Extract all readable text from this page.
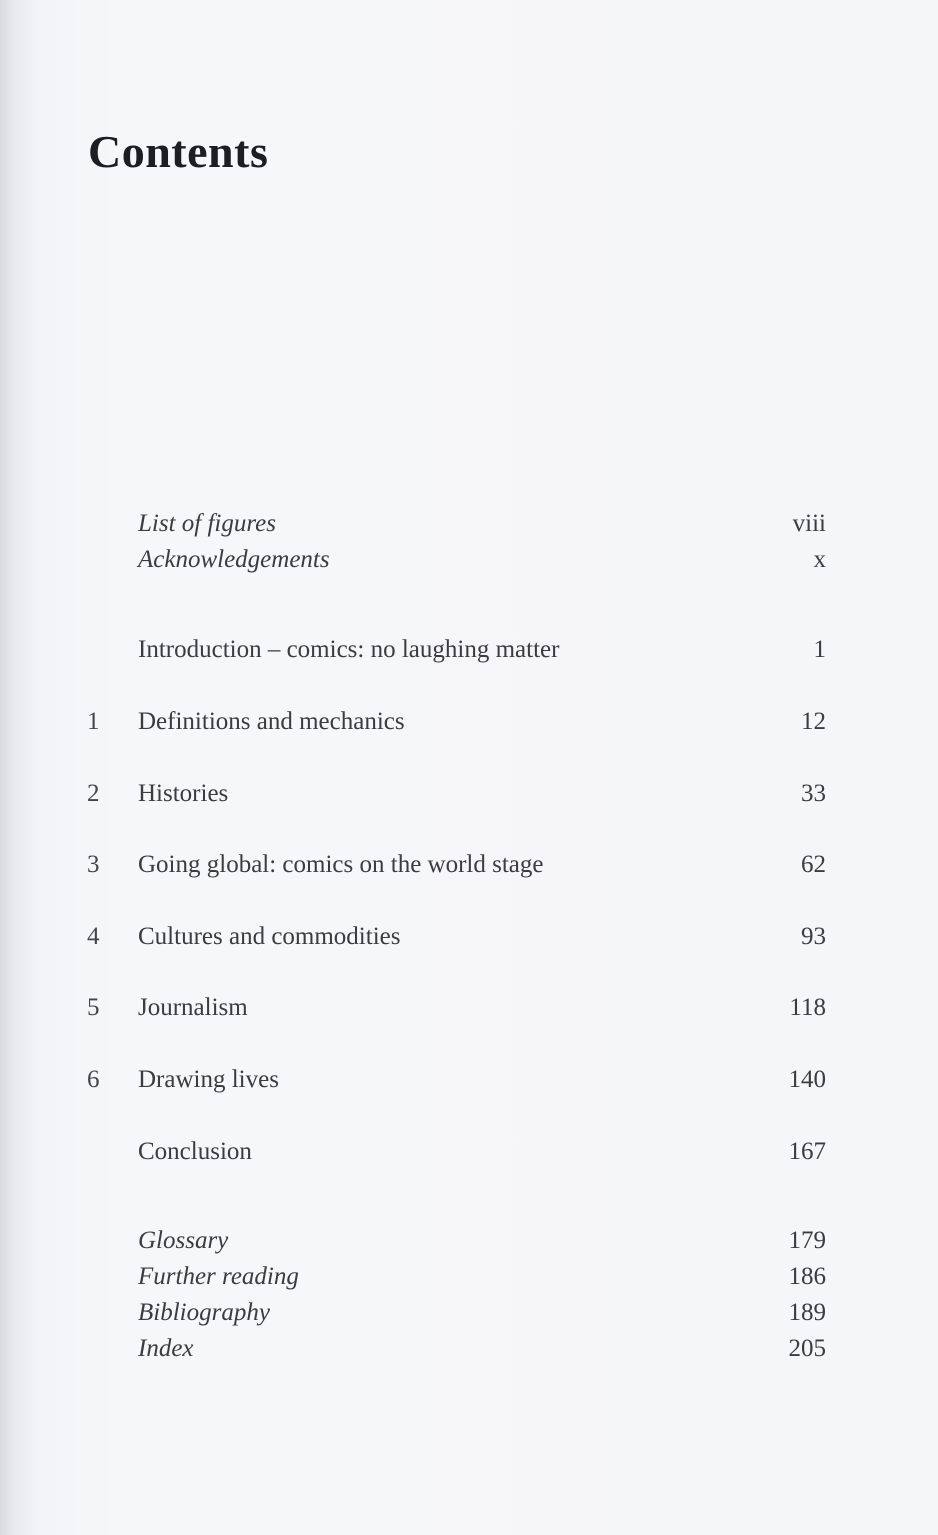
Contents
List of figures	viii
Acknowledgements	x
Introduction – comics: no laughing matter	1
1	Definitions and mechanics	12
2	Histories	33
3	Going global: comics on the world stage	62
4	Cultures and commodities	93
5	Journalism	118
6	Drawing lives	140
Conclusion	167
Glossary	179
Further reading	186
Bibliography	189
Index	205
